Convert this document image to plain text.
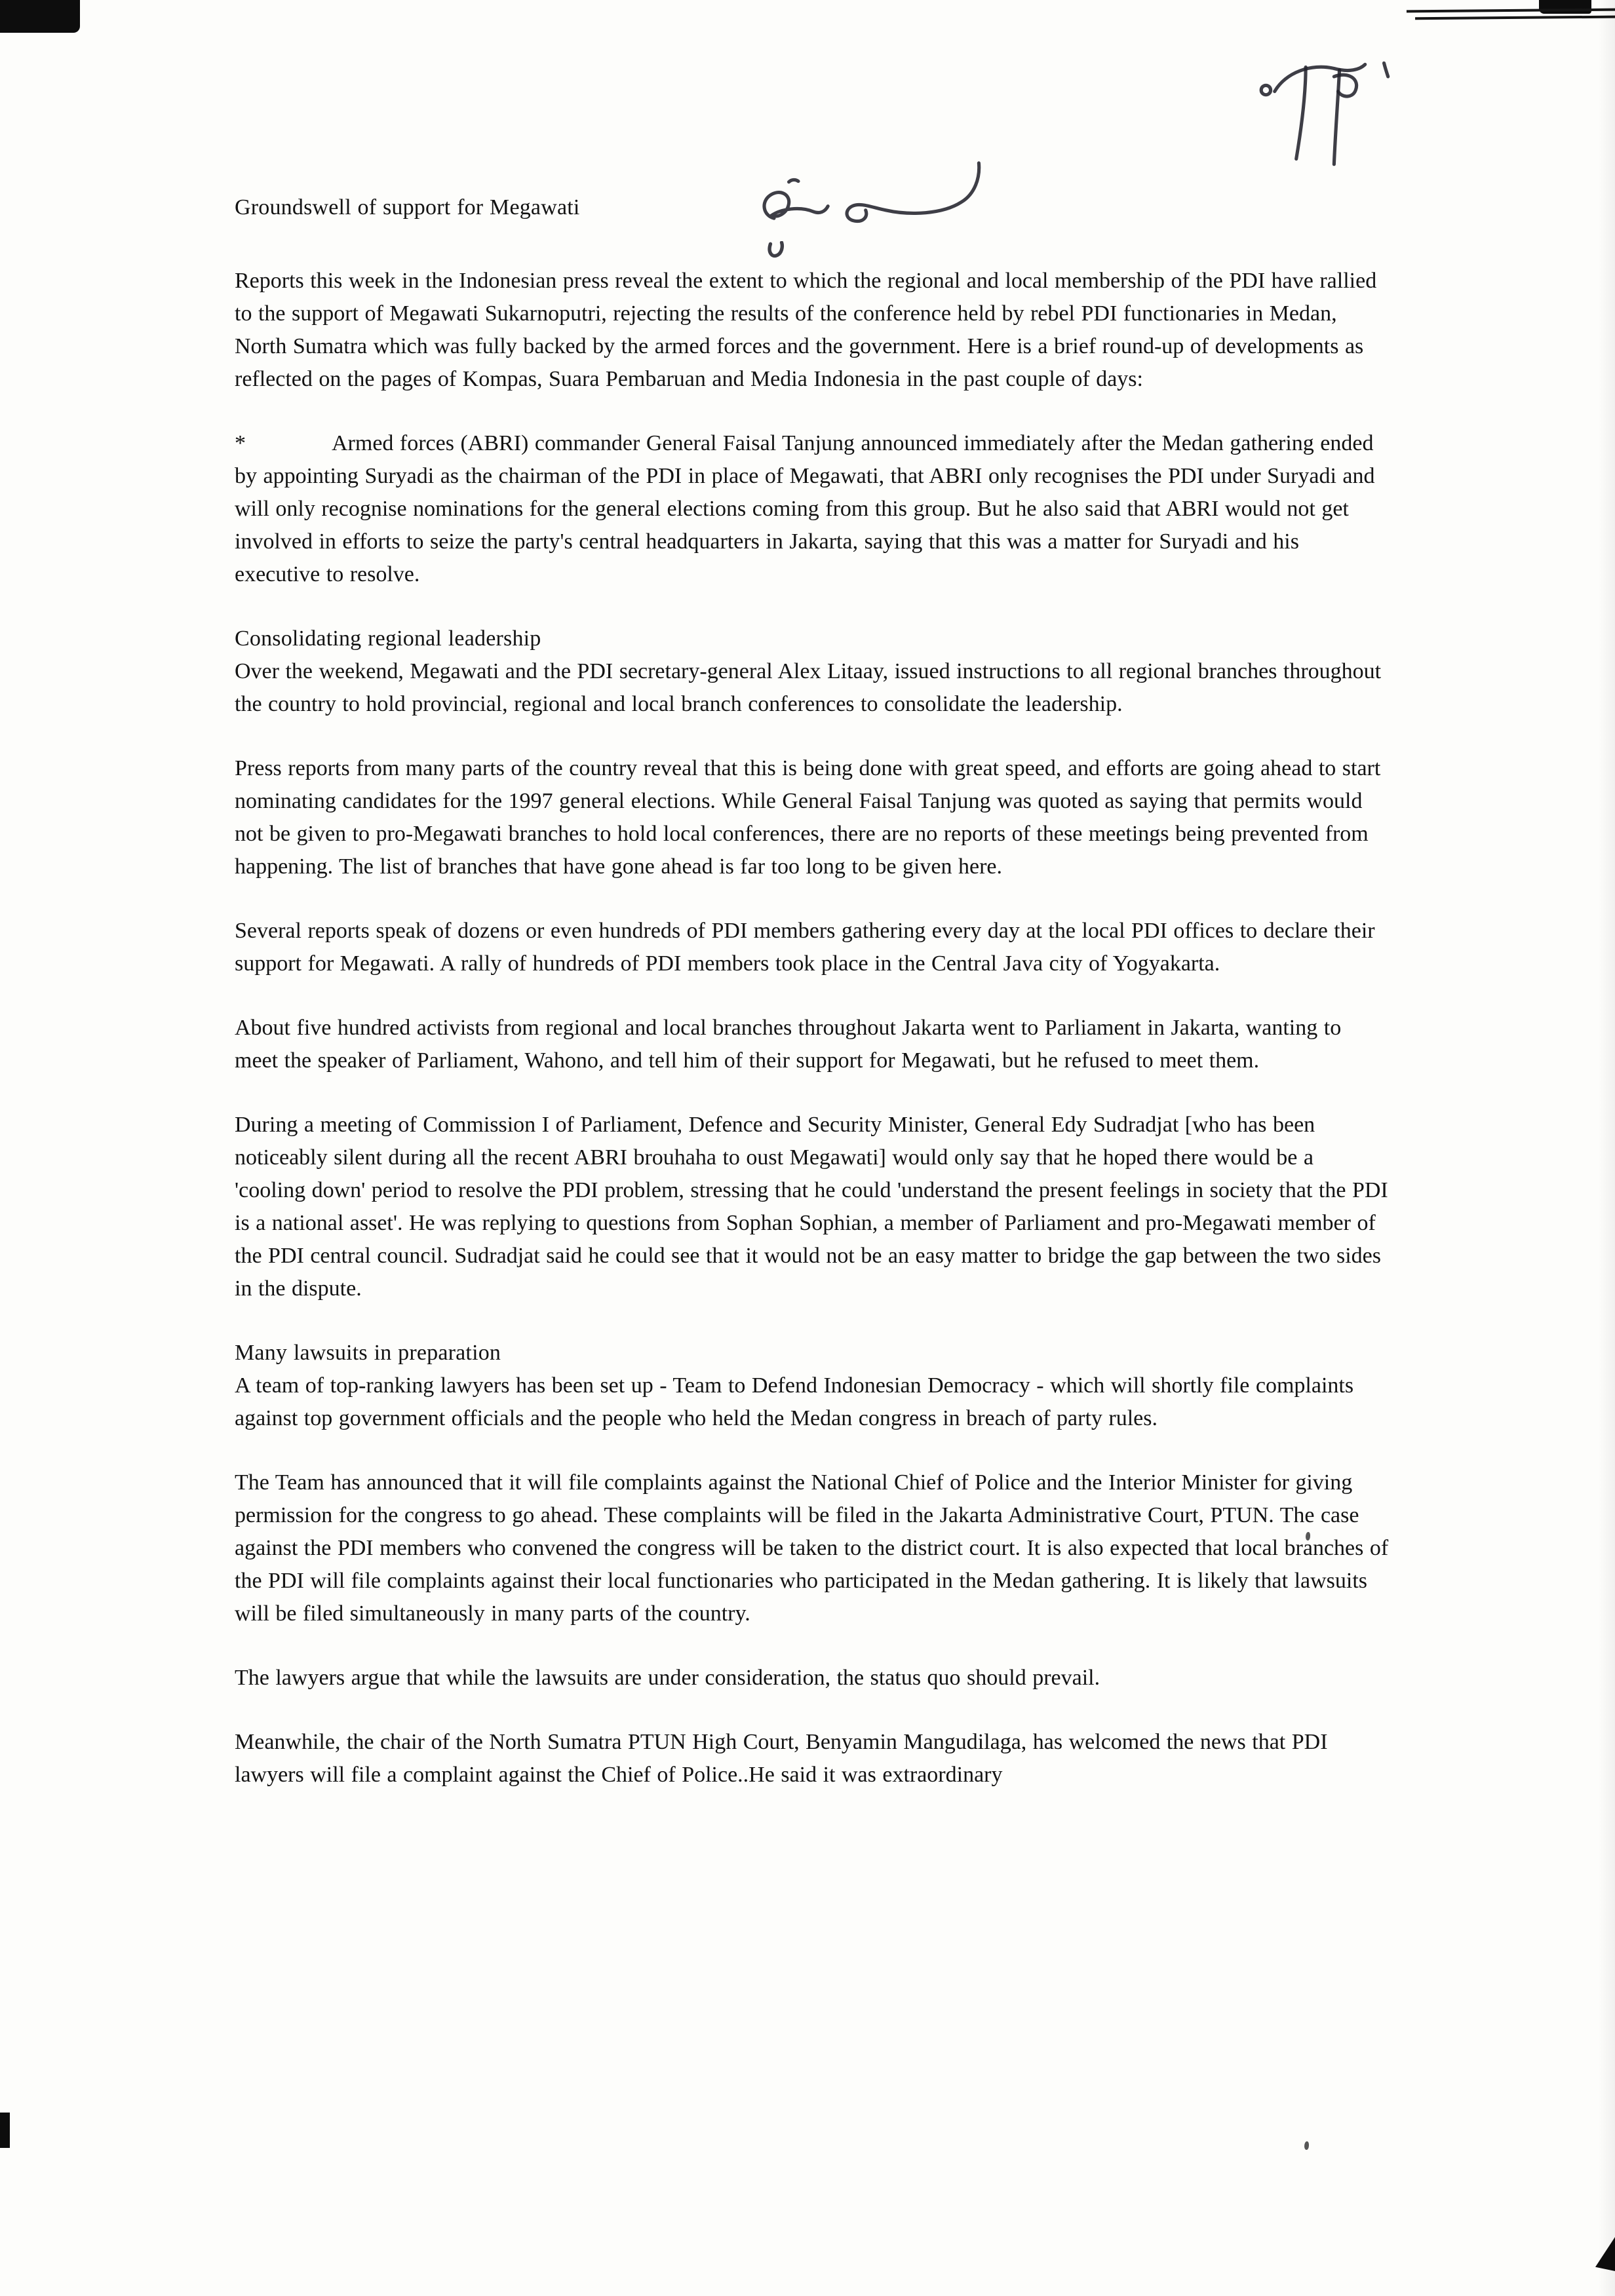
Groundswell of support for Megawati

Reports this week in the Indonesian press reveal the extent to which the regional and local membership of the PDI have rallied to the support of Megawati Sukarnoputri, rejecting the results of the conference held by rebel PDI functionaries in Medan, North Sumatra which was fully backed by the armed forces and the government. Here is a brief round-up of developments as reflected on the pages of Kompas, Suara Pembaruan and Media Indonesia in the past couple of days:

*	Armed forces (ABRI) commander General Faisal Tanjung announced immediately after the Medan gathering ended by appointing Suryadi as the chairman of the PDI in place of Megawati, that ABRI only recognises the PDI under Suryadi and will only recognise nominations for the general elections coming from this group. But he also said that ABRI would not get involved in efforts to seize the party's central headquarters in Jakarta, saying that this was a matter for Suryadi and his executive to resolve.

Consolidating regional leadership

Over the weekend, Megawati and the PDI secretary-general Alex Litaay, issued instructions to all regional branches throughout the country to hold provincial, regional and local branch conferences to consolidate the leadership.

Press reports from many parts of the country reveal that this is being done with great speed, and efforts are going ahead to start nominating candidates for the 1997 general elections. While General Faisal Tanjung was quoted as saying that permits would not be given to pro-Megawati branches to hold local conferences, there are no reports of these meetings being prevented from happening. The list of branches that have gone ahead is far too long to be given here.

Several reports speak of dozens or even hundreds of PDI members gathering every day at the local PDI offices to declare their support for Megawati. A rally of hundreds of PDI members took place in the Central Java city of Yogyakarta.

About five hundred activists from regional and local branches throughout Jakarta went to Parliament in Jakarta, wanting to meet the speaker of Parliament, Wahono, and tell him of their support for Megawati, but he refused to meet them.

During a meeting of Commission I of Parliament, Defence and Security Minister, General Edy Sudradjat [who has been noticeably silent during all the recent ABRI brouhaha to oust Megawati] would only say that he hoped there would be a 'cooling down' period to resolve the PDI problem, stressing that he could 'understand the present feelings in society that the PDI is a national asset'. He was replying to questions from Sophan Sophian, a member of Parliament and pro-Megawati member of the PDI central council. Sudradjat said he could see that it would not be an easy matter to bridge the gap between the two sides in the dispute.

Many lawsuits in preparation

A team of top-ranking lawyers has been set up - Team to Defend Indonesian Democracy - which will shortly file complaints against top government officials and the people who held the Medan congress in breach of party rules.

The Team has announced that it will file complaints against the National Chief of Police and the Interior Minister for giving permission for the congress to go ahead. These complaints will be filed in the Jakarta Administrative Court, PTUN. The case against the PDI members who convened the congress will be taken to the district court. It is also expected that local branches of the PDI will file complaints against their local functionaries who participated in the Medan gathering. It is likely that lawsuits will be filed simultaneously in many parts of the country.

The lawyers argue that while the lawsuits are under consideration, the status quo should prevail.

Meanwhile, the chair of the North Sumatra PTUN High Court, Benyamin Mangudilaga, has welcomed the news that PDI lawyers will file a complaint against the Chief of Police..He said it was extraordinary
